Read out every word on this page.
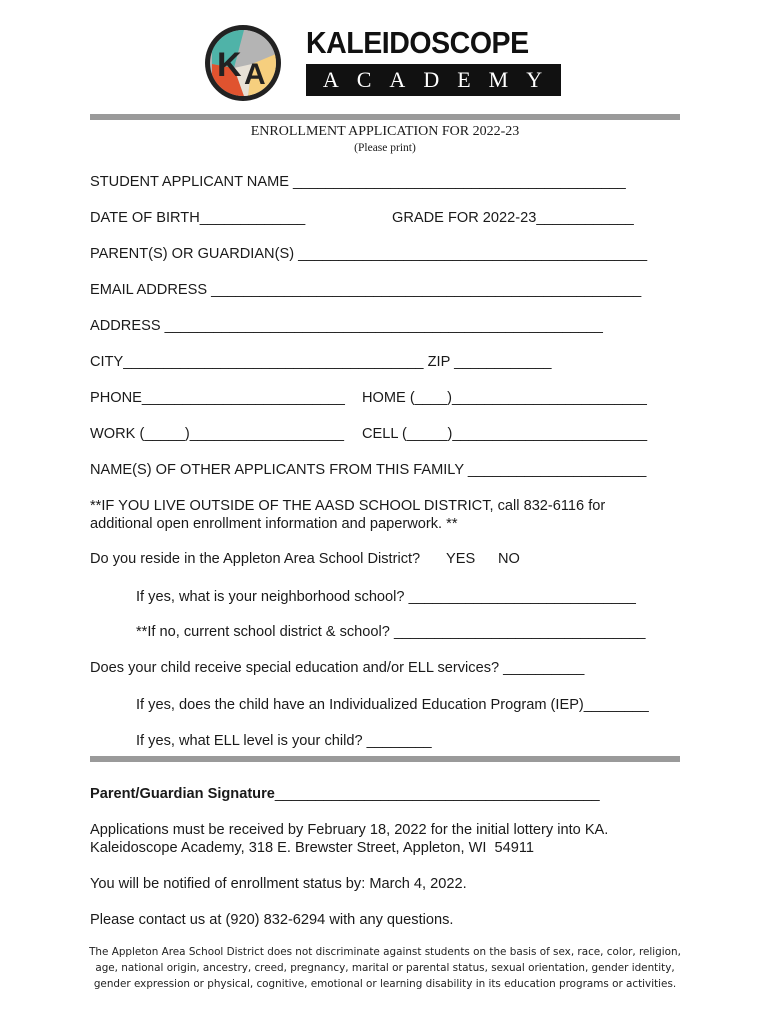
K A
KALEIDOSCOPE
ACADEMY
ENROLLMENT APPLICATION FOR 2022-23
(Please print)
STUDENT APPLICANT NAME _________________________________________
DATE OF BIRTH_____________	GRADE FOR 2022-23____________
PARENT(S) OR GUARDIAN(S) ___________________________________________
EMAIL ADDRESS _____________________________________________________
ADDRESS ______________________________________________________
CITY_____________________________________ ZIP ____________
PHONE_________________________ HOME (____)________________________
WORK (_____)___________________ CELL (_____)________________________
NAME(S) OF OTHER APPLICANTS FROM THIS FAMILY ______________________
**IF YOU LIVE OUTSIDE OF THE AASD SCHOOL DISTRICT, call 832-6116 for
additional open enrollment information and paperwork. **
Do you reside in the Appleton Area School District? YES NO
If yes, what is your neighborhood school? ____________________________
**If no, current school district & school? _______________________________
Does your child receive special education and/or ELL services? __________
If yes, does the child have an Individualized Education Program (IEP)________
If yes, what ELL level is your child? ________
Parent/Guardian Signature________________________________________
Applications must be received by February 18, 2022 for the initial lottery into KA.
Kaleidoscope Academy, 318 E. Brewster Street, Appleton, WI  54911
You will be notified of enrollment status by: March 4, 2022.
Please contact us at (920) 832-6294 with any questions.
The Appleton Area School District does not discriminate against students on the basis of sex, race, color, religion,
age, national origin, ancestry, creed, pregnancy, marital or parental status, sexual orientation, gender identity,
gender expression or physical, cognitive, emotional or learning disability in its education programs or activities.
